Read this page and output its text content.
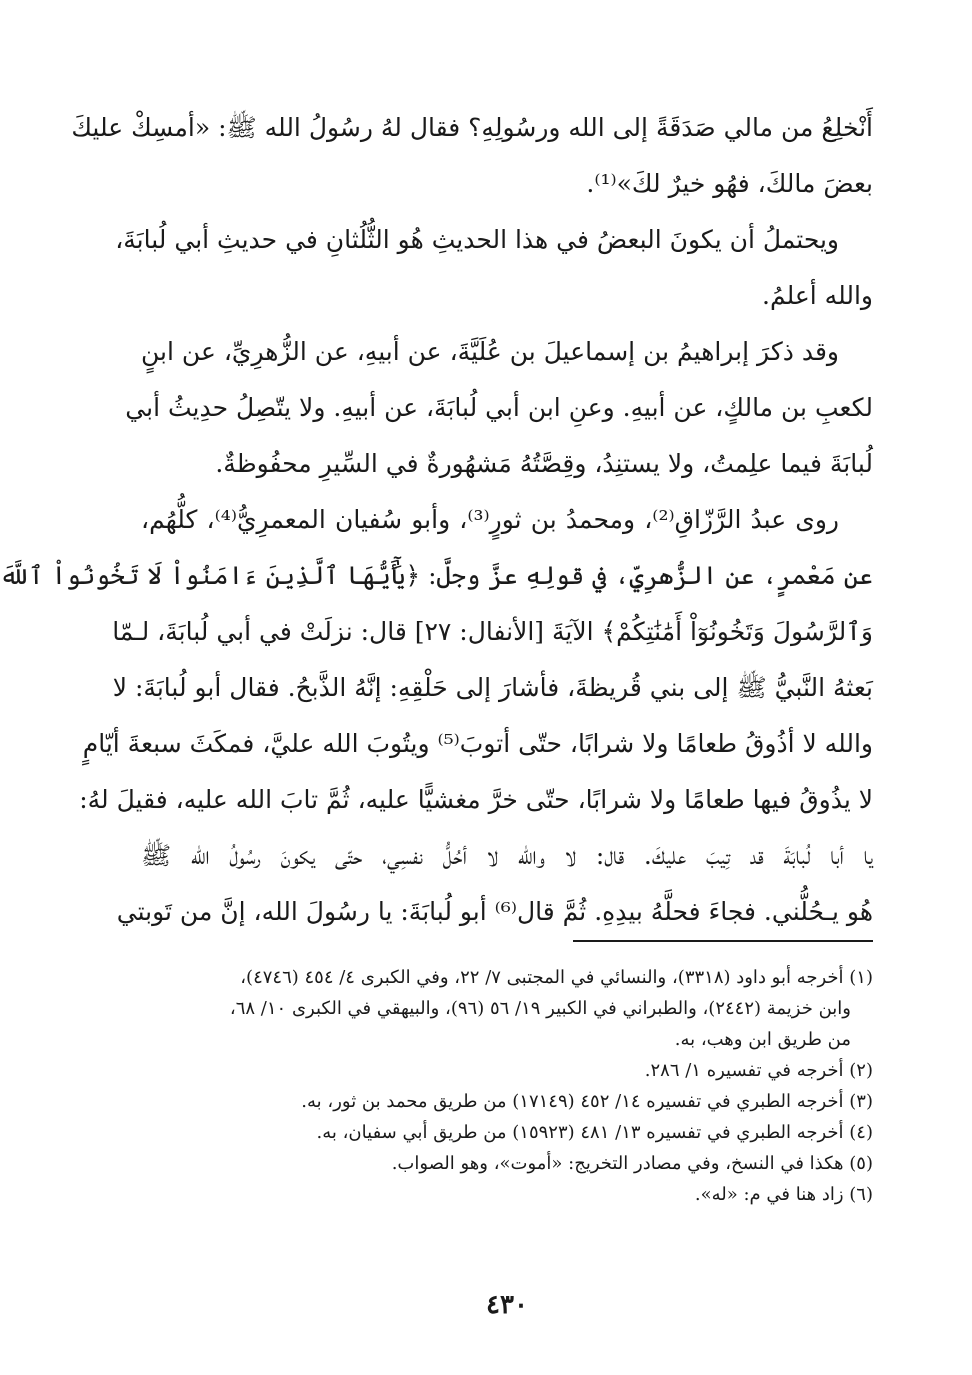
أَنْخلِعُ من مالي صَدَقَةً إلى الله ورسُولِهِ؟ فقال لهُ رسُولُ الله ﷺ: «أمسِكْ عليكَ
بعضَ مالكَ، فهُو خيرٌ لكَ»⁽¹⁾.
ويحتملُ أن يكونَ البعضُ في هذا الحديثِ هُو الثُّلُثانِ في حديثِ أبي لُبابَةَ،
والله أعلمُ.
وقد ذكرَ إبراهيمُ بن إسماعيلَ بن عُلَيَّةَ، عن أبيهِ، عن الزُّهرِيِّ، عن ابنٍ
لكعبِ بن مالكٍ، عن أبيهِ. وعنِ ابن أبي لُبابَةَ، عن أبيهِ. ولا يتّصِلُ حدِيثُ أبي
لُبابَةَ فيما علِمتُ، ولا يستنِدُ، وقِصَّتُهُ مَشهُورةٌ في السِّيرِ محفُوظةٌ.
روى عبدُ الرَّزّاقِ⁽²⁾، ومحمدُ بن ثورٍ⁽³⁾، وأبو سُفيان المعمرِيُّ⁽⁴⁾، كلُّهُم،
عن مَعْمرٍ، عن الزُّهرِيِّ، في قولِهِ عزَّ وجلَّ: ﴿يَٰٓأَيُّهَا ٱلَّذِينَ ءَامَنُواْ لَا تَخُونُواْ ٱللَّهَ
وَٱلرَّسُولَ وَتَخُونُوٓاْ أَمَٰنَٰتِكُمْ﴾ الآيَةَ [الأنفال: ٢٧] قال: نزلَتْ في أبي لُبابَةَ، لـمّا
بَعثهُ النَّبيُّ ﷺ إلى بني قُريظةَ، فأشارَ إلى حَلْقِهِ: إنَّهُ الذَّبحُ. فقال أبو لُبابَةَ: لا
والله لا أذُوقُ طعامًا ولا شرابًا، حتّى أتوبَ⁽⁵⁾ ويتُوبَ الله عليَّ، فمكَثَ سبعةَ أيّامٍ
لا يذُوقُ فيها طعامًا ولا شرابًا، حتّى خرَّ مغشيًّا عليه، ثُمَّ تابَ الله عليه، فقيلَ لهُ:
يا أبا لُبابَةَ قد تِيبَ عليكَ. قال: لا والله لا أحُلُّ نفسِي، حتّى يكونَ رسُولُ الله ﷺ
هُو يـحُلُّني. فجاءَ فحلَّهُ بيدِهِ. ثُمَّ قال⁽⁶⁾ أبو لُبابَةَ: يا رسُولَ الله، إنَّ من تَوبتي
(١) أخرجه أبو داود (٣٣١٨)، والنسائي في المجتبى ٧/ ٢٢، وفي الكبرى ٤/ ٤٥٤ (٤٧٤٦)،
وابن خزيمة (٢٤٤٢)، والطبراني في الكبير ١٩/ ٥٦ (٩٦)، والبيهقي في الكبرى ١٠/ ٦٨،
من طريق ابن وهب، به.
(٢) أخرجه في تفسيره ١/ ٢٨٦.
(٣) أخرجه الطبري في تفسيره ١٤/ ٤٥٢ (١٧١٤٩) من طريق محمد بن ثور، به.
(٤) أخرجه الطبري في تفسيره ١٣/ ٤٨١ (١٥٩٢٣) من طريق أبي سفيان، به.
(٥) هكذا في النسخ، وفي مصادر التخريج: «أموت»، وهو الصواب.
(٦) زاد هنا في م: «له».
٤٣٠
